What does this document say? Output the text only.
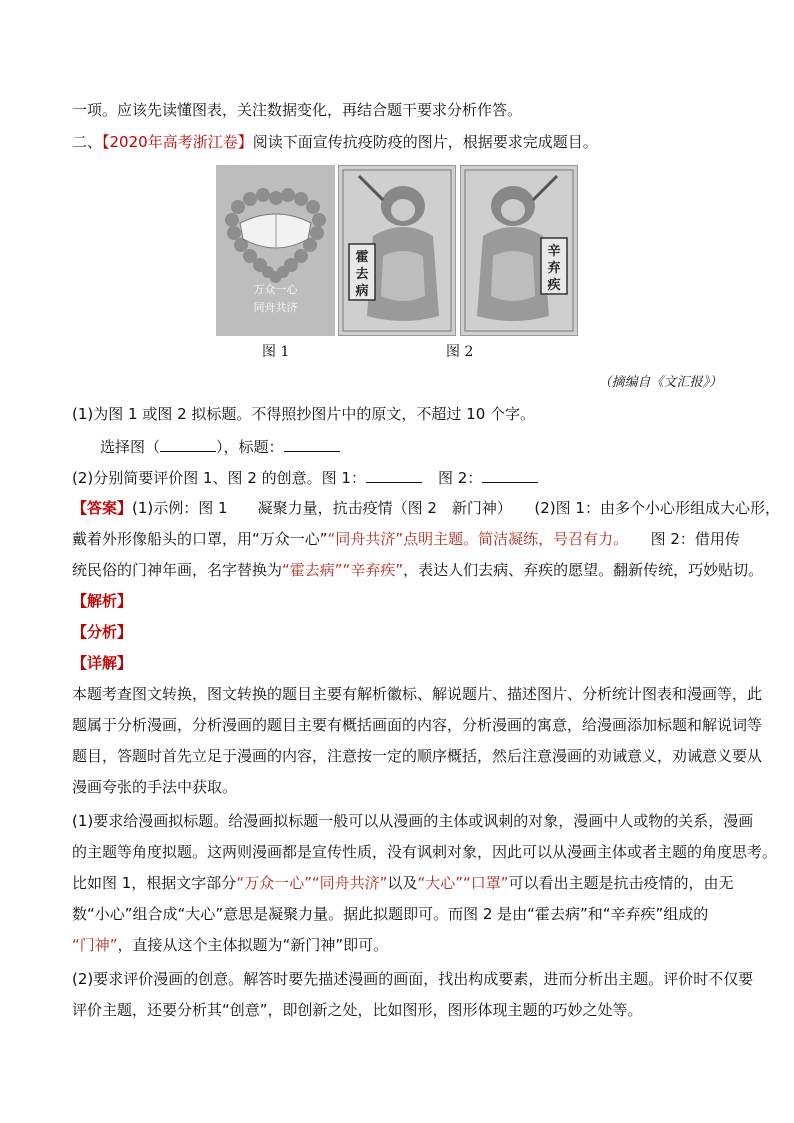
一项。应该先读懂图表，关注数据变化，再结合题干要求分析作答。
二、【2020年高考浙江卷】阅读下面宣传抗疫防疫的图片，根据要求完成题目。
万众一心
同舟共济
霍
去
病
辛
弃
疾
图 1	图 2
（摘编自《文汇报》）
(1)为图 1 或图 2 拟标题。不得照抄图片中的原文，不超过 10 个字。
选择图（	），标题：
(2)分别简要评价图 1、图 2 的创意。图 1：	图 2：
【答案】(1)示例：图 1　　凝聚力量，抗击疫情（图 2　新门神）　　(2)图 1：由多个小心形组成大心形，
戴着外形像船头的口罩，用“万众一心”“同舟共济”点明主题。简洁凝练，号召有力。　　图 2：借用传
统民俗的门神年画，名字替换为“霍去病”“辛弃疾”，表达人们去病、弃疾的愿望。翻新传统，巧妙贴切。
【解析】
【分析】
【详解】
本题考查图文转换，图文转换的题目主要有解析徽标、解说题片、描述图片、分析统计图表和漫画等，此
题属于分析漫画，分析漫画的题目主要有概括画面的内容，分析漫画的寓意，给漫画添加标题和解说词等
题目，答题时首先立足于漫画的内容，注意按一定的顺序概括，然后注意漫画的劝诫意义，劝诫意义要从
漫画夸张的手法中获取。
(1)要求给漫画拟标题。给漫画拟标题一般可以从漫画的主体或讽刺的对象，漫画中人或物的关系，漫画
的主题等角度拟题。这两则漫画都是宣传性质，没有讽刺对象，因此可以从漫画主体或者主题的角度思考。
比如图 1，根据文字部分“万众一心”“同舟共济”以及“大心”“口罩”可以看出主题是抗击疫情的，由无
数“小心”组合成“大心”意思是凝聚力量。据此拟题即可。而图 2 是由“霍去病”和“辛弃疾”组成的
“门神”，直接从这个主体拟题为“新门神”即可。
(2)要求评价漫画的创意。解答时要先描述漫画的画面，找出构成要素，进而分析出主题。评价时不仅要
评价主题，还要分析其“创意”，即创新之处，比如图形，图形体现主题的巧妙之处等。
